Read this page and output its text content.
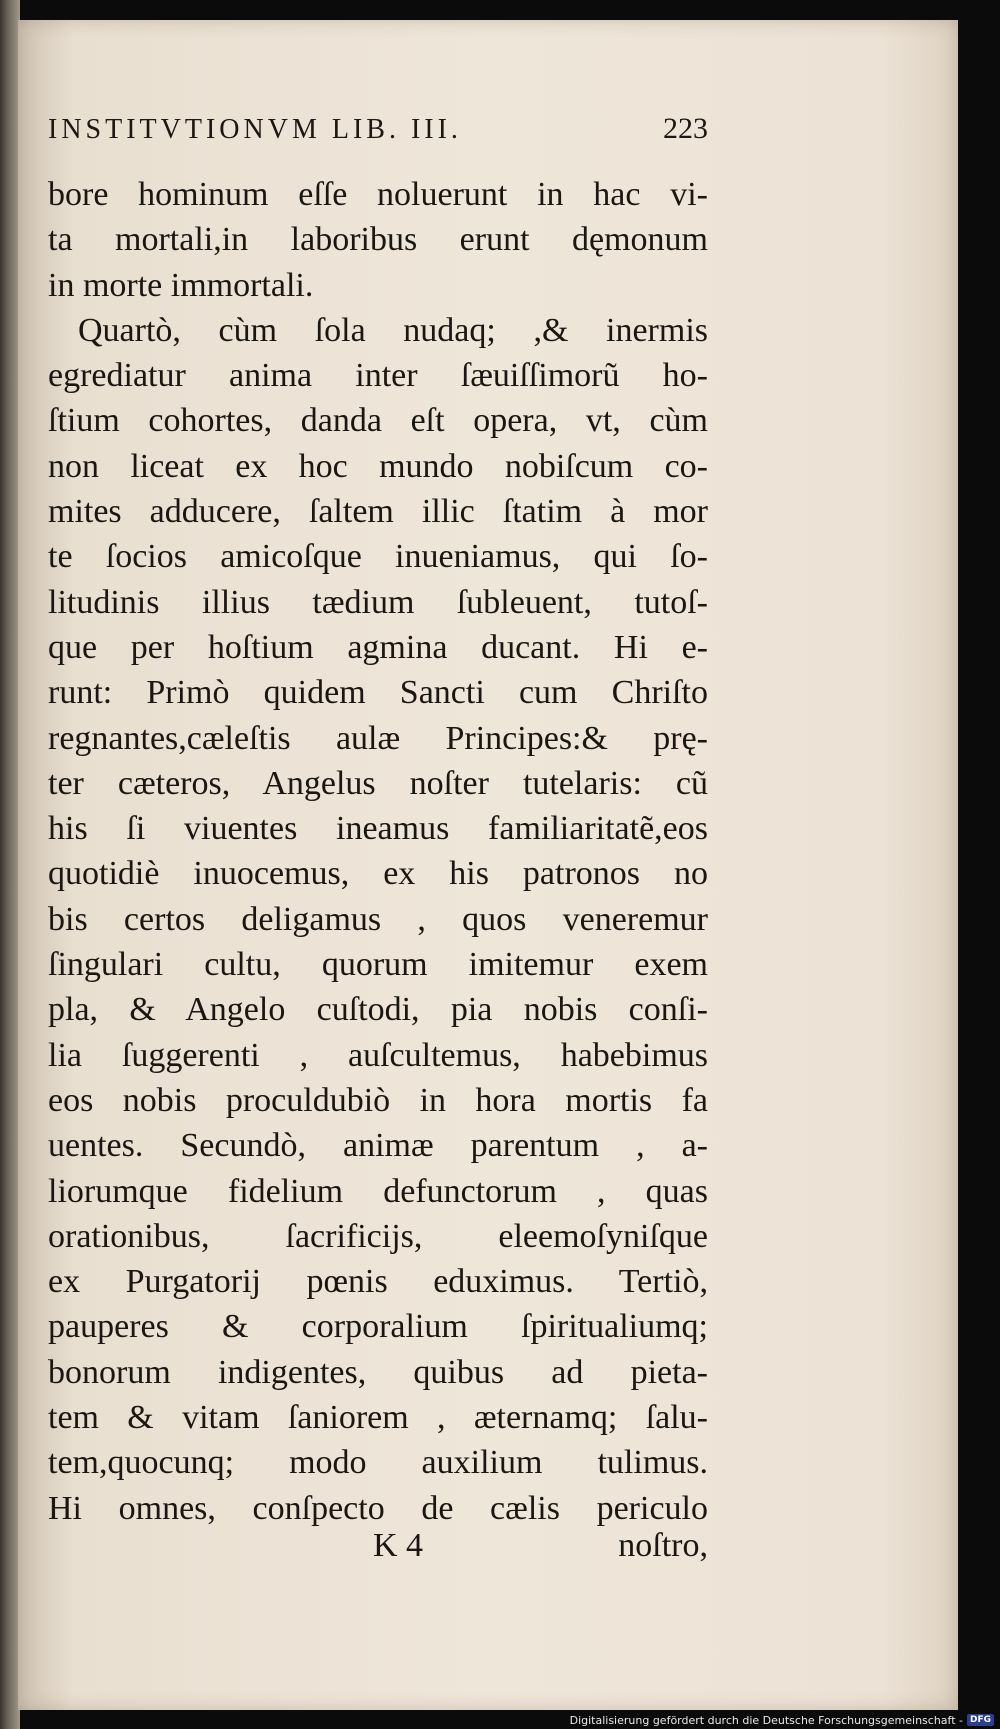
INSTITVTIONVM LIB. III.	223
bore hominum eſſe noluerunt in hac vi-
ta mortali,in laboribus erunt dęmonum
in morte immortali.
Quartò, cùm ſola nudaq; ,& inermis
egrediatur anima inter ſæuiſſimorũ ho-
ſtium cohortes, danda eſt opera, vt, cùm
non liceat ex hoc mundo nobiſcum co-
mites adducere, ſaltem illic ſtatim à mor
te ſocios amicoſque inueniamus, qui ſo-
litudinis illius tædium ſubleuent, tutoſ-
que per hoſtium agmina ducant. Hi e-
runt: Primò quidem Sancti cum Chriſto
regnantes,cæleſtis aulæ Principes:& prę-
ter cæteros, Angelus noſter tutelaris: cũ
his ſi viuentes ineamus familiaritatẽ,eos
quotidiè inuocemus, ex his patronos no
bis certos deligamus , quos veneremur
ſingulari cultu, quorum imitemur exem
pla, & Angelo cuſtodi, pia nobis conſi-
lia ſuggerenti , auſcultemus, habebimus
eos nobis proculdubiò in hora mortis fa
uentes. Secundò, animæ parentum , a-
liorumque fidelium defunctorum , quas
orationibus, ſacrificijs, eleemoſyniſque
ex Purgatorij pœnis eduximus. Tertiò,
pauperes & corporalium ſpiritualiumq;
bonorum indigentes, quibus ad pieta-
tem & vitam ſaniorem , æternamq; ſalu-
tem,quocunq; modo auxilium tulimus.
Hi omnes, conſpecto de cælis periculo
K 4	noſtro,
Digitalisierung gefördert durch die Deutsche Forschungsgemeinschaft - DFG
